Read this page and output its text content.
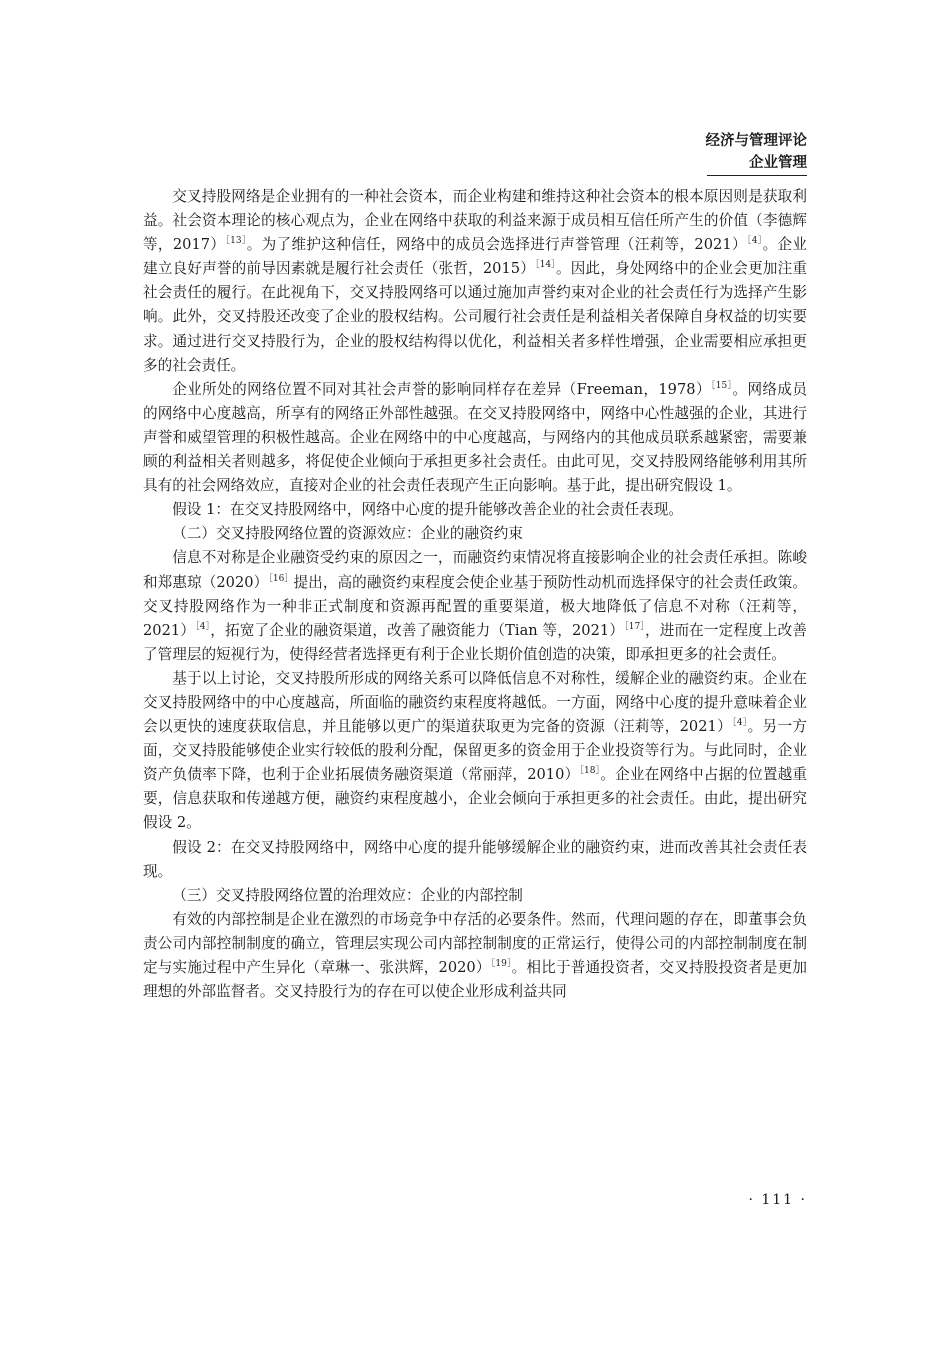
经济与管理评论
企业管理

交叉持股网络是企业拥有的一种社会资本，而企业构建和维持这种社会资本的根本原因则是获取利益。社会资本理论的核心观点为，企业在网络中获取的利益来源于成员相互信任所产生的价值（李德辉等，2017）$^{[13]}$。为了维护这种信任，网络中的成员会选择进行声誉管理（汪莉等，2021）$^{[4]}$。企业建立良好声誉的前导因素就是履行社会责任（张哲，2015）$^{[14]}$。因此，身处网络中的企业会更加注重社会责任的履行。在此视角下，交叉持股网络可以通过施加声誉约束对企业的社会责任行为选择产生影响。此外，交叉持股还改变了企业的股权结构。公司履行社会责任是利益相关者保障自身权益的切实要求。通过进行交叉持股行为，企业的股权结构得以优化，利益相关者多样性增强，企业需要相应承担更多的社会责任。

企业所处的网络位置不同对其社会声誉的影响同样存在差异（Freeman，1978）$^{[15]}$。网络成员的网络中心度越高，所享有的网络正外部性越强。在交叉持股网络中，网络中心性越强的企业，其进行声誉和威望管理的积极性越高。企业在网络中的中心度越高，与网络内的其他成员联系越紧密，需要兼顾的利益相关者则越多，将促使企业倾向于承担更多社会责任。由此可见，交叉持股网络能够利用其所具有的社会网络效应，直接对企业的社会责任表现产生正向影响。基于此，提出研究假设 1。

假设 1：在交叉持股网络中，网络中心度的提升能够改善企业的社会责任表现。

（二）交叉持股网络位置的资源效应：企业的融资约束

信息不对称是企业融资受约束的原因之一，而融资约束情况将直接影响企业的社会责任承担。陈峻和郑惠琼（2020）$^{[16]}$提出，高的融资约束程度会使企业基于预防性动机而选择保守的社会责任政策。交叉持股网络作为一种非正式制度和资源再配置的重要渠道，极大地降低了信息不对称（汪莉等，2021）$^{[4]}$，拓宽了企业的融资渠道，改善了融资能力（Tian 等，2021）$^{[17]}$，进而在一定程度上改善了管理层的短视行为，使得经营者选择更有利于企业长期价值创造的决策，即承担更多的社会责任。

基于以上讨论，交叉持股所形成的网络关系可以降低信息不对称性，缓解企业的融资约束。企业在交叉持股网络中的中心度越高，所面临的融资约束程度将越低。一方面，网络中心度的提升意味着企业会以更快的速度获取信息，并且能够以更广的渠道获取更为完备的资源（汪莉等，2021）$^{[4]}$。另一方面，交叉持股能够使企业实行较低的股利分配，保留更多的资金用于企业投资等行为。与此同时，企业资产负债率下降，也利于企业拓展债务融资渠道（常丽萍，2010）$^{[18]}$。企业在网络中占据的位置越重要，信息获取和传递越方便，融资约束程度越小，企业会倾向于承担更多的社会责任。由此，提出研究假设 2。

假设 2：在交叉持股网络中，网络中心度的提升能够缓解企业的融资约束，进而改善其社会责任表现。

（三）交叉持股网络位置的治理效应：企业的内部控制

有效的内部控制是企业在激烈的市场竞争中存活的必要条件。然而，代理问题的存在，即董事会负责公司内部控制制度的确立，管理层实现公司内部控制制度的正常运行，使得公司的内部控制制度在制定与实施过程中产生异化（章琳一、张洪辉，2020）$^{[19]}$。相比于普通投资者，交叉持股投资者是更加理想的外部监督者。交叉持股行为的存在可以使企业形成利益共同

· 111 ·
